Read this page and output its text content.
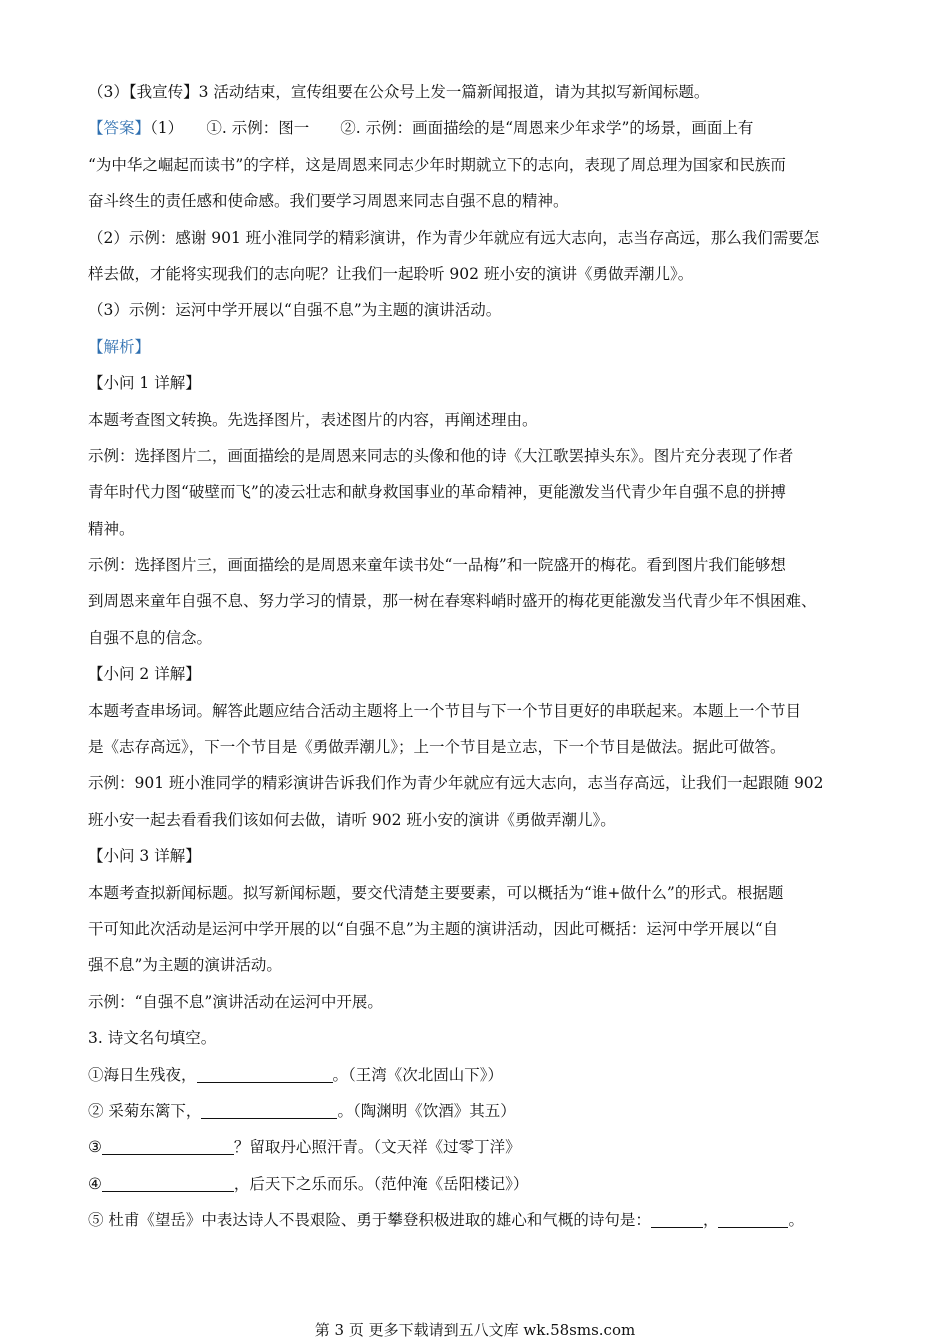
（3）【我宣传】3 活动结束，宣传组要在公众号上发一篇新闻报道，请为其拟写新闻标题。
【答案】（1）　　①. 示例：图一　　②. 示例：画面描绘的是“周恩来少年求学”的场景，画面上有
“为中华之崛起而读书”的字样，这是周恩来同志少年时期就立下的志向，表现了周总理为国家和民族而
奋斗终生的责任感和使命感。我们要学习周恩来同志自强不息的精神。
（2）示例：感谢 901 班小淮同学的精彩演讲，作为青少年就应有远大志向，志当存高远，那么我们需要怎
样去做，才能将实现我们的志向呢？让我们一起聆听 902 班小安的演讲《勇做弄潮儿》。
（3）示例：运河中学开展以“自强不息”为主题的演讲活动。
【解析】
【小问 1 详解】
本题考查图文转换。先选择图片，表述图片的内容，再阐述理由。
示例：选择图片二，画面描绘的是周恩来同志的头像和他的诗《大江歌罢掉头东》。图片充分表现了作者
青年时代力图“破壁而飞”的凌云壮志和献身救国事业的革命精神，更能激发当代青少年自强不息的拼搏
精神。
示例：选择图片三，画面描绘的是周恩来童年读书处“一品梅”和一院盛开的梅花。看到图片我们能够想
到周恩来童年自强不息、努力学习的情景，那一树在春寒料峭时盛开的梅花更能激发当代青少年不惧困难、
自强不息的信念。
【小问 2 详解】
本题考查串场词。解答此题应结合活动主题将上一个节目与下一个节目更好的串联起来。本题上一个节目
是《志存高远》，下一个节目是《勇做弄潮儿》；上一个节目是立志，下一个节目是做法。据此可做答。
示例：901 班小淮同学的精彩演讲告诉我们作为青少年就应有远大志向，志当存高远，让我们一起跟随 902
班小安一起去看看我们该如何去做，请听 902 班小安的演讲《勇做弄潮儿》。
【小问 3 详解】
本题考查拟新闻标题。拟写新闻标题，要交代清楚主要要素，可以概括为“谁+做什么”的形式。根据题
干可知此次活动是运河中学开展的以“自强不息”为主题的演讲活动，因此可概括：运河中学开展以“自
强不息”为主题的演讲活动。
示例：“自强不息”演讲活动在运河中开展。
3. 诗文名句填空。
①海日生残夜，	。（王湾《次北固山下》）
② 采菊东篱下，	。（陶渊明《饮酒》其五）
③	？留取丹心照汗青。（文天祥《过零丁洋》
④	，后天下之乐而乐。（范仲淹《岳阳楼记》）
⑤ 杜甫《望岳》中表达诗人不畏艰险、勇于攀登积极进取的雄心和气概的诗句是：	，	。
第 3 页 更多下载请到五八文库 wk.58sms.com
